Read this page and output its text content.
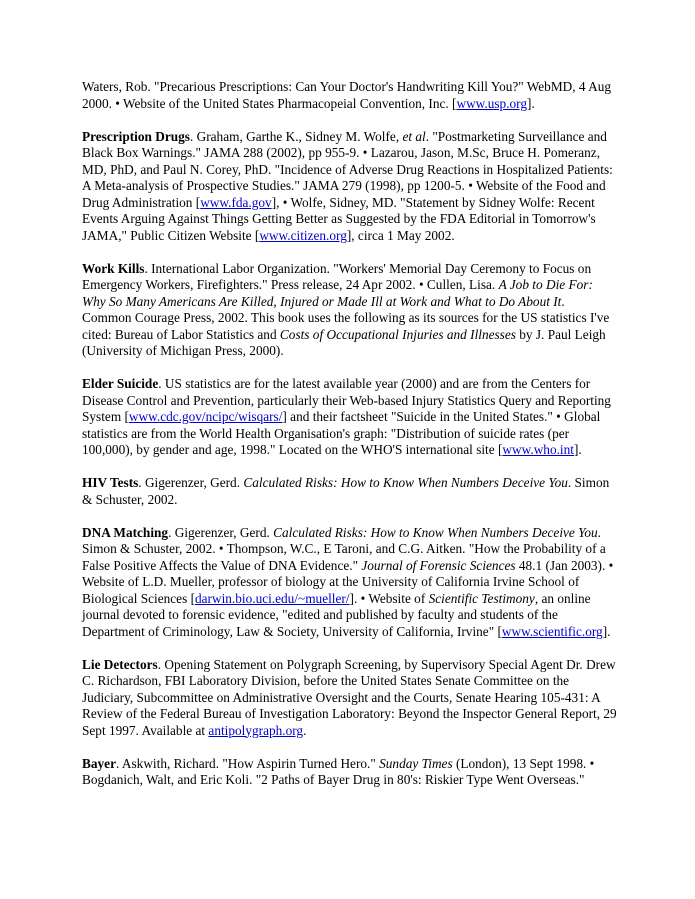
Waters, Rob. "Precarious Prescriptions: Can Your Doctor's Handwriting Kill You?" WebMD, 4 Aug 2000. • Website of the United States Pharmacopeial Convention, Inc. [www.usp.org].

Prescription Drugs. Graham, Garthe K., Sidney M. Wolfe, et al. "Postmarketing Surveillance and Black Box Warnings." JAMA 288 (2002), pp 955-9. • Lazarou, Jason, M.Sc, Bruce H. Pomeranz, MD, PhD, and Paul N. Corey, PhD. "Incidence of Adverse Drug Reactions in Hospitalized Patients: A Meta-analysis of Prospective Studies." JAMA 279 (1998), pp 1200-5. • Website of the Food and Drug Administration [www.fda.gov], • Wolfe, Sidney, MD. "Statement by Sidney Wolfe: Recent Events Arguing Against Things Getting Better as Suggested by the FDA Editorial in Tomorrow's JAMA," Public Citizen Website [www.citizen.org], circa 1 May 2002.

Work Kills. International Labor Organization. "Workers' Memorial Day Ceremony to Focus on Emergency Workers, Firefighters." Press release, 24 Apr 2002. • Cullen, Lisa. A Job to Die For: Why So Many Americans Are Killed, Injured or Made Ill at Work and What to Do About It. Common Courage Press, 2002. This book uses the following as its sources for the US statistics I've cited: Bureau of Labor Statistics and Costs of Occupational Injuries and Illnesses by J. Paul Leigh (University of Michigan Press, 2000).

Elder Suicide. US statistics are for the latest available year (2000) and are from the Centers for Disease Control and Prevention, particularly their Web-based Injury Statistics Query and Reporting System [www.cdc.gov/ncipc/wisqars/] and their factsheet "Suicide in the United States." • Global statistics are from the World Health Organisation's graph: "Distribution of suicide rates (per 100,000), by gender and age, 1998." Located on the WHO'S international site [www.who.int].

HIV Tests. Gigerenzer, Gerd. Calculated Risks: How to Know When Numbers Deceive You. Simon & Schuster, 2002.

DNA Matching. Gigerenzer, Gerd. Calculated Risks: How to Know When Numbers Deceive You. Simon & Schuster, 2002. • Thompson, W.C., E Taroni, and C.G. Aitken. "How the Probability of a False Positive Affects the Value of DNA Evidence." Journal of Forensic Sciences 48.1 (Jan 2003). • Website of L.D. Mueller, professor of biology at the University of California Irvine School of Biological Sciences [darwin.bio.uci.edu/~mueller/]. • Website of Scientific Testimony, an online journal devoted to forensic evidence, "edited and published by faculty and students of the Department of Criminology, Law & Society, University of California, Irvine" [www.scientific.org].

Lie Detectors. Opening Statement on Polygraph Screening, by Supervisory Special Agent Dr. Drew C. Richardson, FBI Laboratory Division, before the United States Senate Committee on the Judiciary, Subcommittee on Administrative Oversight and the Courts, Senate Hearing 105-431: A Review of the Federal Bureau of Investigation Laboratory: Beyond the Inspector General Report, 29 Sept 1997. Available at antipolygraph.org.

Bayer. Askwith, Richard. "How Aspirin Turned Hero." Sunday Times (London), 13 Sept 1998. • Bogdanich, Walt, and Eric Koli. "2 Paths of Bayer Drug in 80's: Riskier Type Went Overseas."
